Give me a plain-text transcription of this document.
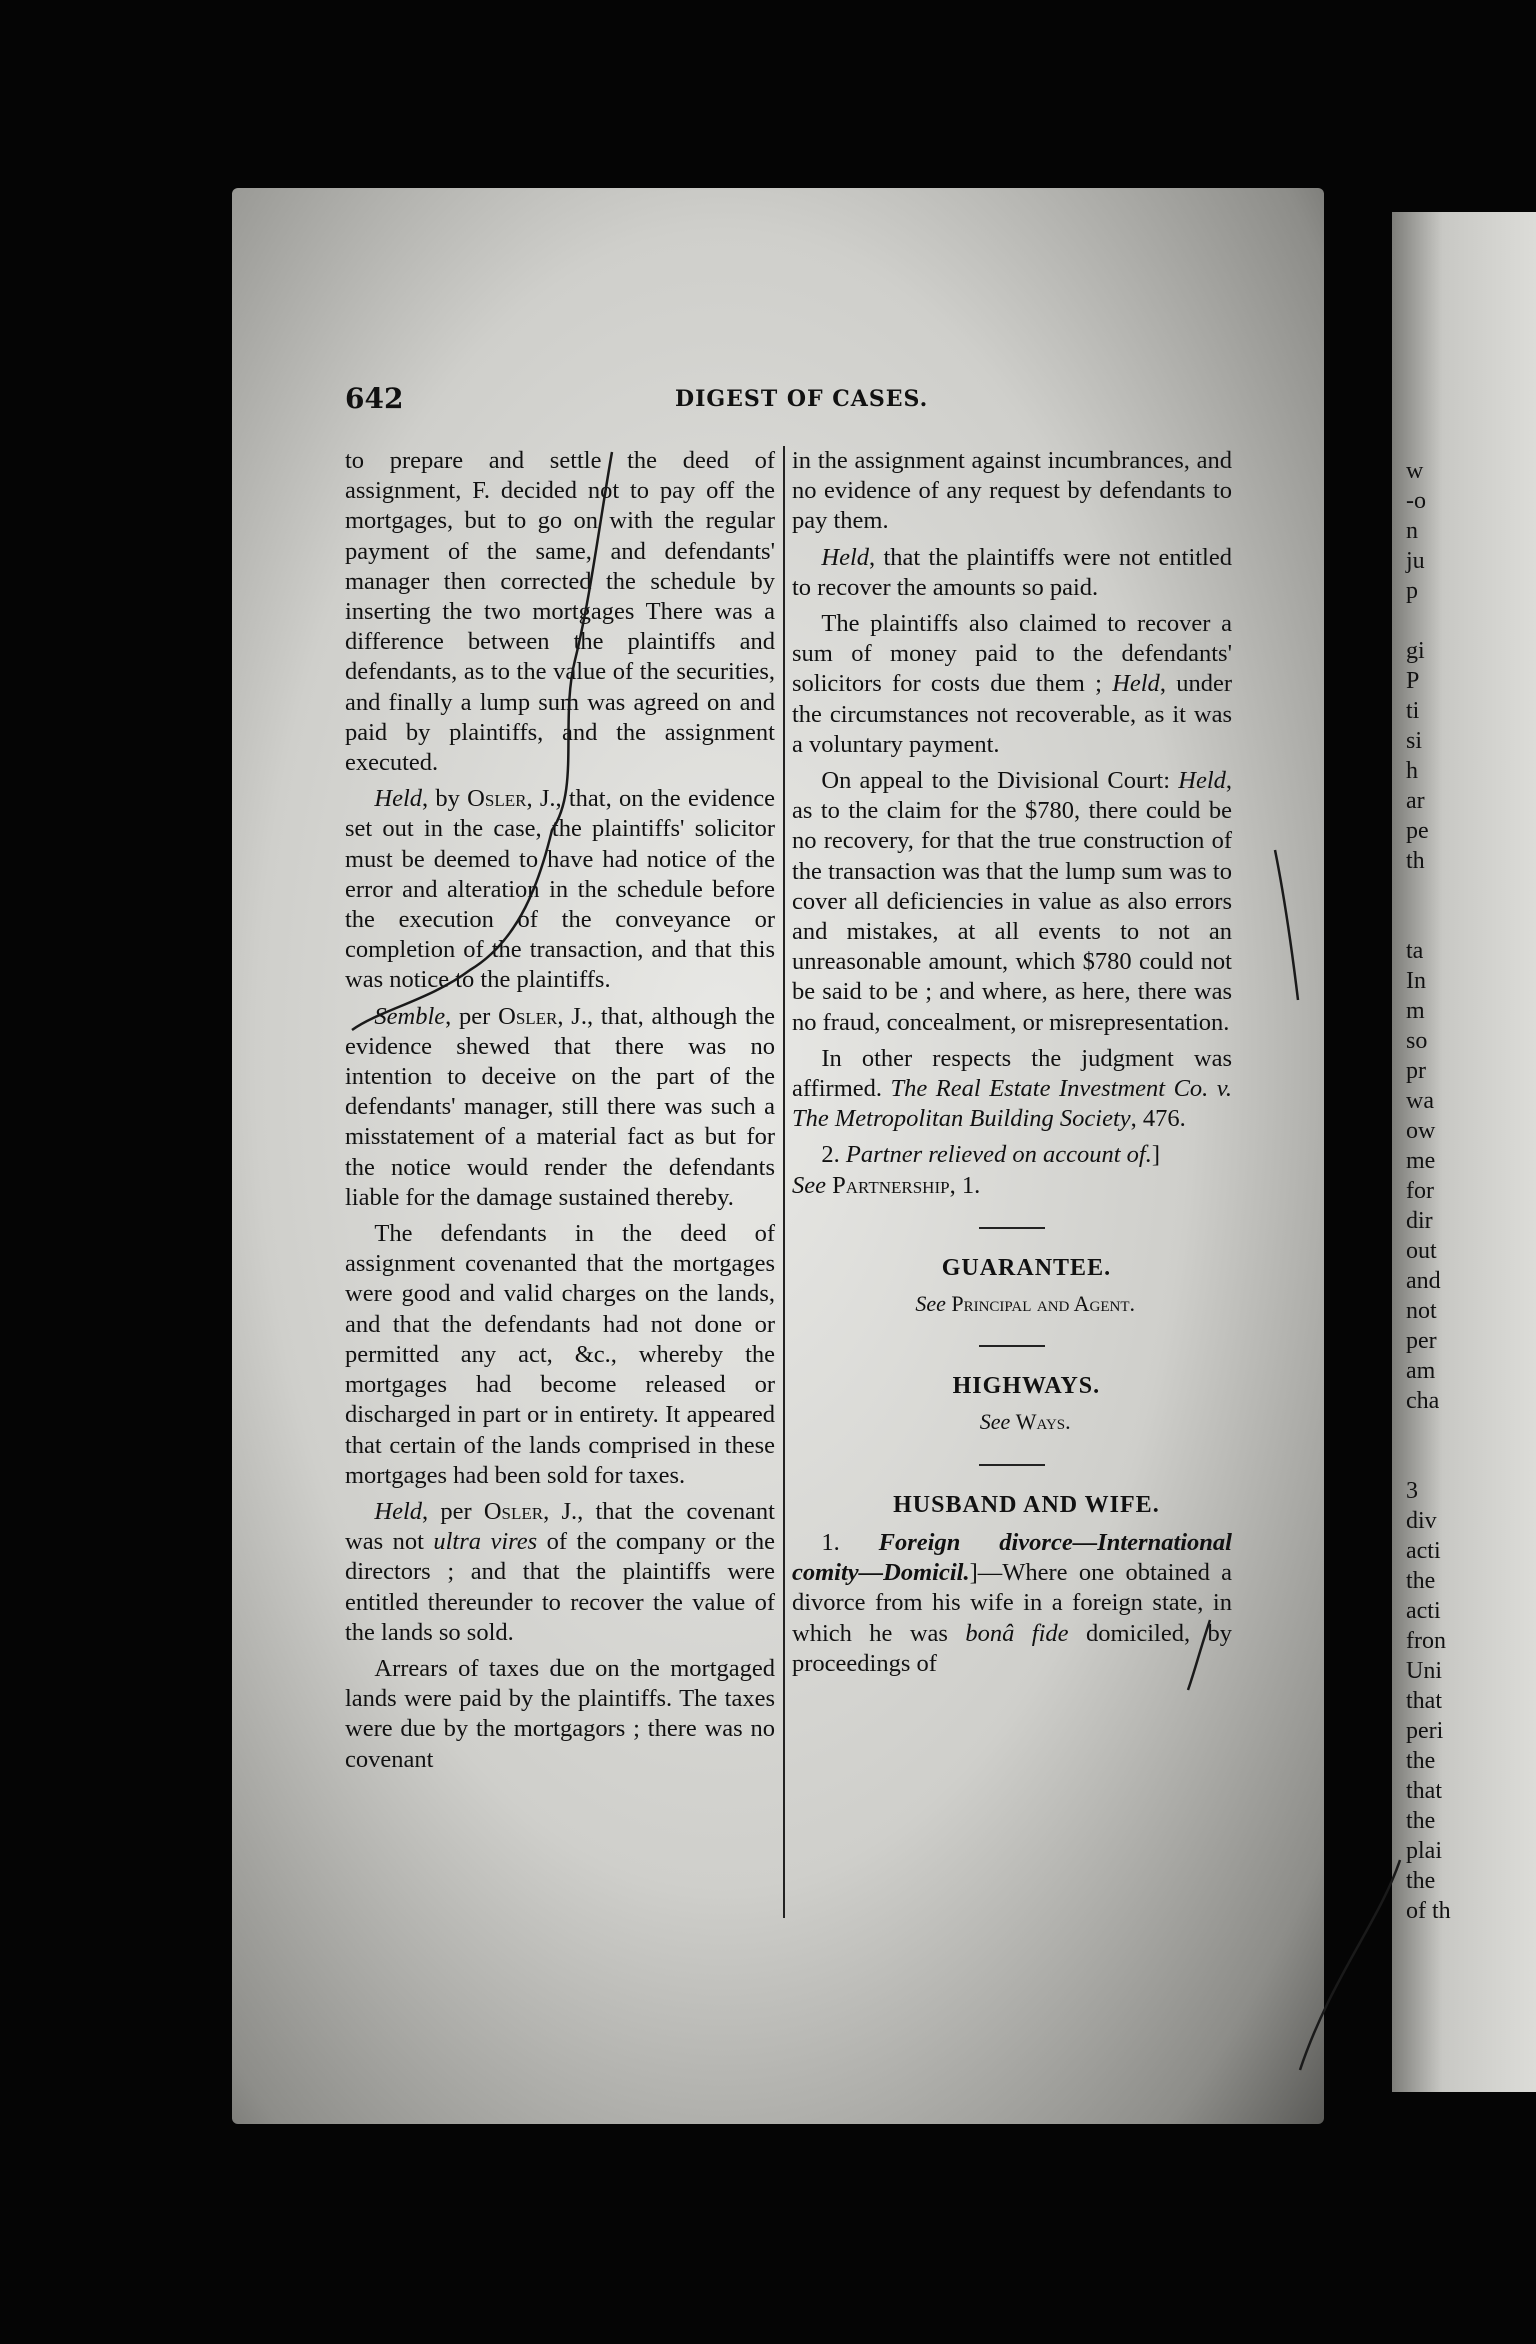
w
-o
n
ju
p
gi
P
ti
si
h
ar
pe
th
ta
In
m
so
pr
wa
ow
me
for
dir
out
and
not
per
am
cha
3
div
acti
the
acti
fron
Uni
that
peri
the
that
the
plai
the
of th
642	DIGEST OF CASES.

to prepare and settle the deed of assignment, F. decided not to pay off the mortgages, but to go on with the regular payment of the same, and defendants' manager then corrected the schedule by inserting the two mortgages There was a difference between the plaintiffs and defendants, as to the value of the securities, and finally a lump sum was agreed on and paid by plaintiffs, and the assignment executed.

Held, by Osler, J., that, on the evidence set out in the case, the plaintiffs' solicitor must be deemed to have had notice of the error and alteration in the schedule before the execution of the conveyance or completion of the transaction, and that this was notice to the plaintiffs.

Semble, per Osler, J., that, although the evidence shewed that there was no intention to deceive on the part of the defendants' manager, still there was such a misstatement of a material fact as but for the notice would render the defendants liable for the damage sustained thereby.

The defendants in the deed of assignment covenanted that the mortgages were good and valid charges on the lands, and that the defendants had not done or permitted any act, &c., whereby the mortgages had become released or discharged in part or in entirety. It appeared that certain of the lands comprised in these mortgages had been sold for taxes.

Held, per Osler, J., that the covenant was not ultra vires of the company or the directors ; and that the plaintiffs were entitled thereunder to recover the value of the lands so sold.

Arrears of taxes due on the mortgaged lands were paid by the plaintiffs. The taxes were due by the mortgagors ; there was no covenant

in the assignment against incumbrances, and no evidence of any request by defendants to pay them.

Held, that the plaintiffs were not entitled to recover the amounts so paid.

The plaintiffs also claimed to recover a sum of money paid to the defendants' solicitors for costs due them ; Held, under the circumstances not recoverable, as it was a voluntary payment.

On appeal to the Divisional Court: Held, as to the claim for the $780, there could be no recovery, for that the true construction of the transaction was that the lump sum was to cover all deficiencies in value as also errors and mistakes, at all events to not an unreasonable amount, which $780 could not be said to be ; and where, as here, there was no fraud, concealment, or misrepresentation.

In other respects the judgment was affirmed. The Real Estate Investment Co. v. The Metropolitan Building Society, 476.

2. Partner relieved on account of.]
See Partnership, 1.

GUARANTEE.

See Principal and Agent.

HIGHWAYS.

See Ways.

HUSBAND AND WIFE.

1. Foreign divorce—International comity—Domicil.]—Where one obtained a divorce from his wife in a foreign state, in which he was bonâ fide domiciled, by proceedings of
